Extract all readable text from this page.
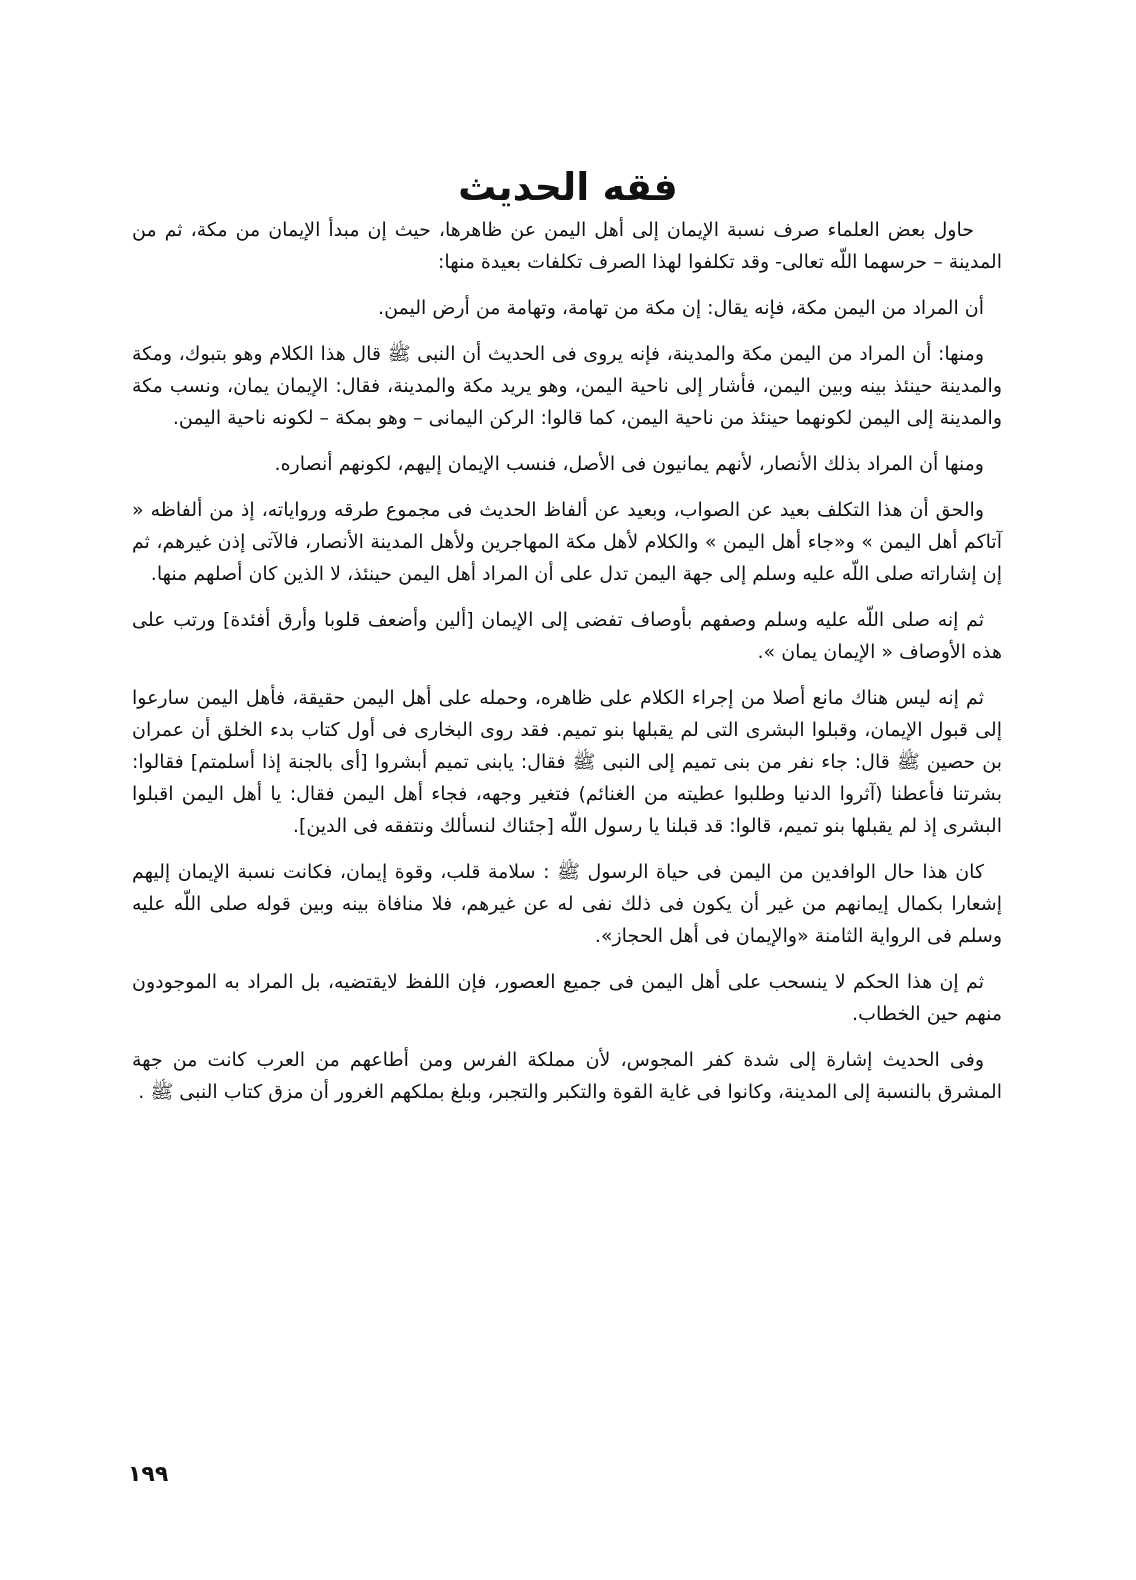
فقه الحديث

حاول بعض العلماء صرف نسبة الإيمان إلى أهل اليمن عن ظاهرها، حيث إن مبدأ الإيمان من مكة، ثم من المدينة – حرسهما اللّه تعالى- وقد تكلفوا لهذا الصرف تكلفات بعيدة منها:

أن المراد من اليمن مكة، فإنه يقال: إن مكة من تهامة، وتهامة من أرض اليمن.

ومنها: أن المراد من اليمن مكة والمدينة، فإنه يروى فى الحديث أن النبى ﷺ قال هذا الكلام وهو بتبوك، ومكة والمدينة حينئذ بينه وبين اليمن، فأشار إلى ناحية اليمن، وهو يريد مكة والمدينة، فقال: الإيمان يمان، ونسب مكة والمدينة إلى اليمن لكونهما حينئذ من ناحية اليمن، كما قالوا: الركن اليمانى – وهو بمكة – لكونه ناحية اليمن.

ومنها أن المراد بذلك الأنصار، لأنهم يمانيون فى الأصل، فنسب الإيمان إليهم، لكونهم أنصاره.

والحق أن هذا التكلف بعيد عن الصواب، وبعيد عن ألفاظ الحديث فى مجموع طرقه ورواياته، إذ من ألفاظه « آتاكم أهل اليمن » و«جاء أهل اليمن » والكلام لأهل مكة المهاجرين ولأهل المدينة الأنصار، فالآتى إذن غيرهم، ثم إن إشاراته صلى اللّه عليه وسلم إلى جهة اليمن تدل على أن المراد أهل اليمن حينئذ، لا الذين كان أصلهم منها.

ثم إنه صلى اللّه عليه وسلم وصفهم بأوصاف تفضى إلى الإيمان [ألين وأضعف قلوبا وأرق أفئدة] ورتب على هذه الأوصاف « الإيمان يمان ».

ثم إنه ليس هناك مانع أصلا من إجراء الكلام على ظاهره، وحمله على أهل اليمن حقيقة، فأهل اليمن سارعوا إلى قبول الإيمان، وقبلوا البشرى التى لم يقبلها بنو تميم. فقد روى البخارى فى أول كتاب بدء الخلق أن عمران بن حصين ﷺ قال: جاء نفر من بنى تميم إلى النبى ﷺ فقال: يابنى تميم أبشروا [أى بالجنة إذا أسلمتم] فقالوا: بشرتنا فأعطنا (آثروا الدنيا وطلبوا عطيته من الغنائم) فتغير وجهه، فجاء أهل اليمن فقال: يا أهل اليمن اقبلوا البشرى إذ لم يقبلها بنو تميم، قالوا: قد قبلنا يا رسول اللّه [جئناك لنسألك ونتفقه فى الدين].

كان هذا حال الوافدين من اليمن فى حياة الرسول ﷺ : سلامة قلب، وقوة إيمان، فكانت نسبة الإيمان إليهم إشعارا بكمال إيمانهم من غير أن يكون فى ذلك نفى له عن غيرهم، فلا منافاة بينه وبين قوله صلى اللّه عليه وسلم فى الرواية الثامنة «والإيمان فى أهل الحجاز».

ثم إن هذا الحكم لا ينسحب على أهل اليمن فى جميع العصور، فإن اللفظ لايقتضيه، بل المراد به الموجودون منهم حين الخطاب.

وفى الحديث إشارة إلى شدة كفر المجوس، لأن مملكة الفرس ومن أطاعهم من العرب كانت من جهة المشرق بالنسبة إلى المدينة، وكانوا فى غاية القوة والتكبر والتجبر، وبلغ بملكهم الغرور أن مزق كتاب النبى ﷺ .

١٩٩
